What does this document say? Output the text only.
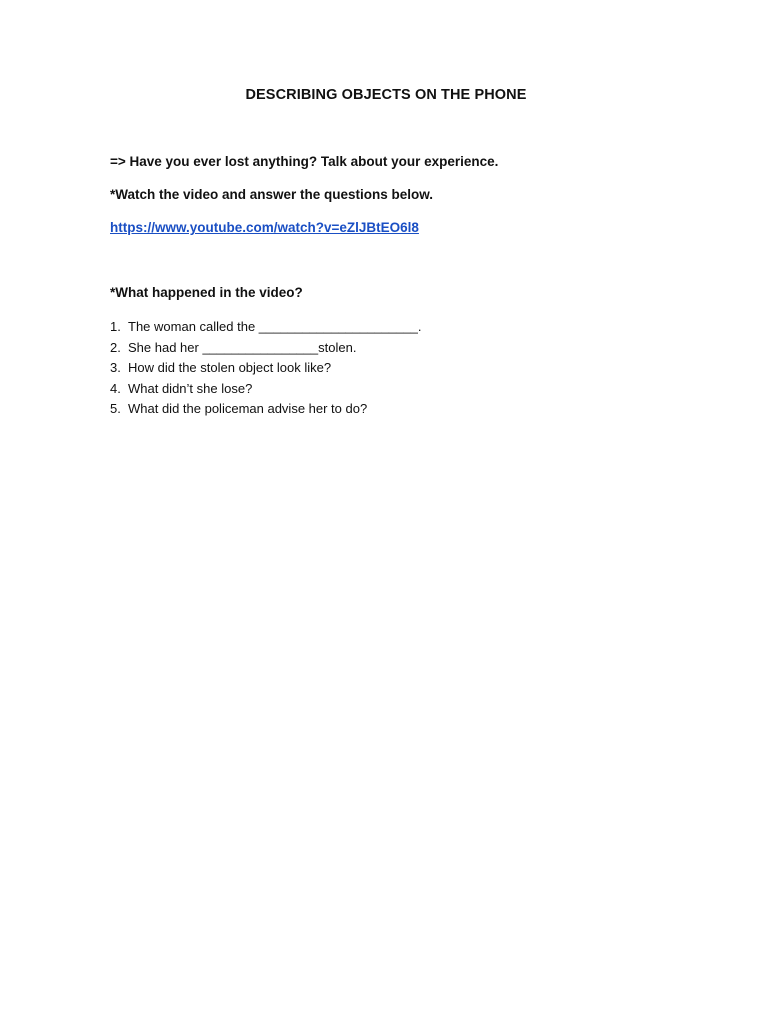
DESCRIBING OBJECTS ON THE PHONE
=> Have you ever lost anything? Talk about your experience.
*Watch the video and answer the questions below.
https://www.youtube.com/watch?v=eZlJBtEO6l8
*What happened in the video?
1. The woman called the ______________________.
2. She had her ________________stolen.
3. How did the stolen object look like?
4. What didn’t she lose?
5. What did the policeman advise her to do?
